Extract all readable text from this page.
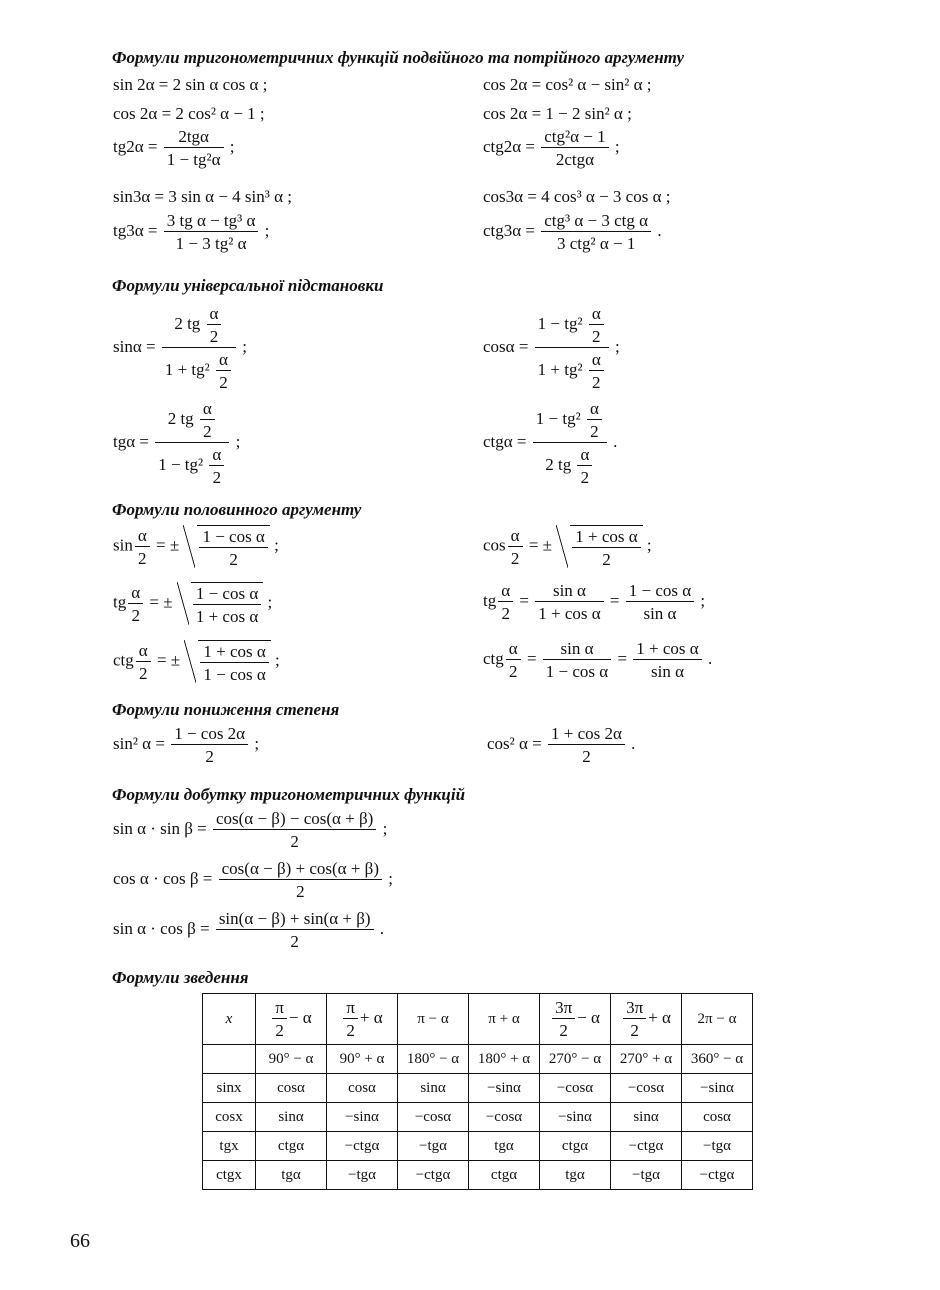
Формули тригонометричних функцій подвійного та потрійного аргументу
sin 2α = 2 sin α cos α ;	cos 2α = cos² α − sin² α ;
cos 2α = 2 cos² α − 1 ;	cos 2α = 1 − 2 sin² α ;
$tg2\alpha = \frac{\text{2tgα}}{\text{1 − tg²α}}$ ;	$ctg2\alpha = \frac{\text{ctg²α − 1}}{\text{2ctgα}}$ ;
sin3α = 3 sin α − 4 sin³ α ;	cos3α = 4 cos³ α − 3 cos α ;
$tg3\alpha = \frac{\text{3 tg α − tg³ α}}{\text{1 − 3 tg² α}}$ ;	$ctg3\alpha = \frac{\text{ctg³ α − 3 ctg α}}{\text{3 ctg² α − 1}}$ .
Формули універсальної підстановки
$\sin\alpha = \frac{2 tg \frac{\alpha}{2}}{1 + tg^2 \frac{\alpha}{2}}$ ;	$\cos\alpha = \frac{1 - tg^2 \frac{\alpha}{2}}{1 + tg^2 \frac{\alpha}{2}}$ ;
$tg\alpha = \frac{2 tg \frac{\alpha}{2}}{1 - tg^2 \frac{\alpha}{2}}$ ;	$ctg\alpha = \frac{1 - tg^2 \frac{\alpha}{2}}{2 tg \frac{\alpha}{2}}$ .
Формули половинного аргументу
$\sin \frac{\alpha}{2}$ = ± $\frac{\text{1 − cos α}}{2}$ ;	$\cos \frac{\alpha}{2}$ = ± $\frac{\text{1 + cos α}}{2}$ ;
tg $\frac{\alpha}{2}$ = ± $\frac{\text{1 − cos α}}{\text{1 + cos α}}$ ;	tg $\frac{\alpha}{2} = \frac{\text{sin α}}{\text{1 + cos α}} = \frac{\text{1 − cos α}}{\text{sin α}}$ ;
ctg $\frac{\alpha}{2}$ = ± $\frac{\text{1 + cos α}}{\text{1 − cos α}}$ ;	ctg $\frac{\alpha}{2} = \frac{\text{sin α}}{\text{1 − cos α}} = \frac{\text{1 + cos α}}{\text{sin α}}$ .
Формули пониження степеня
sin² $\alpha = \frac{1 - \cos 2\alpha}{2}$ ;	cos² $\alpha = \frac{1 + \cos 2\alpha}{2}$ .
Формули добутку тригонометричних функцій
$\sin \alpha \cdot \sin \beta = \frac{\cos(\alpha - \beta) - \cos(\alpha + \beta)}{2}$ ;
$\cos \alpha \cdot \cos \beta = \frac{\cos(\alpha - \beta) + \cos(\alpha + \beta)}{2}$ ;
$\sin \alpha \cdot \cos \beta = \frac{\sin(\alpha - \beta) + \sin(\alpha + \beta)}{2}$ .
Формули зведення
x	$\frac{\pi}{2} - \alpha$	$\frac{\pi}{2} + \alpha$	π − α	π + α	$\frac{3\pi}{2} - \alpha$	$\frac{3\pi}{2} + \alpha$	2π − α
	90° − α	90° + α	180° − α	180° + α	270° − α	270° + α	360° − α
sinx	cosα	cosα	sinα	−sinα	−cosα	−cosα	−sinα
cosx	sinα	−sinα	−cosα	−cosα	−sinα	sinα	cosα
tgx	ctgα	−ctgα	−tgα	tgα	ctgα	−ctgα	−tgα
ctgx	tgα	−tgα	−ctgα	ctgα	tgα	−tgα	−ctgα
66
